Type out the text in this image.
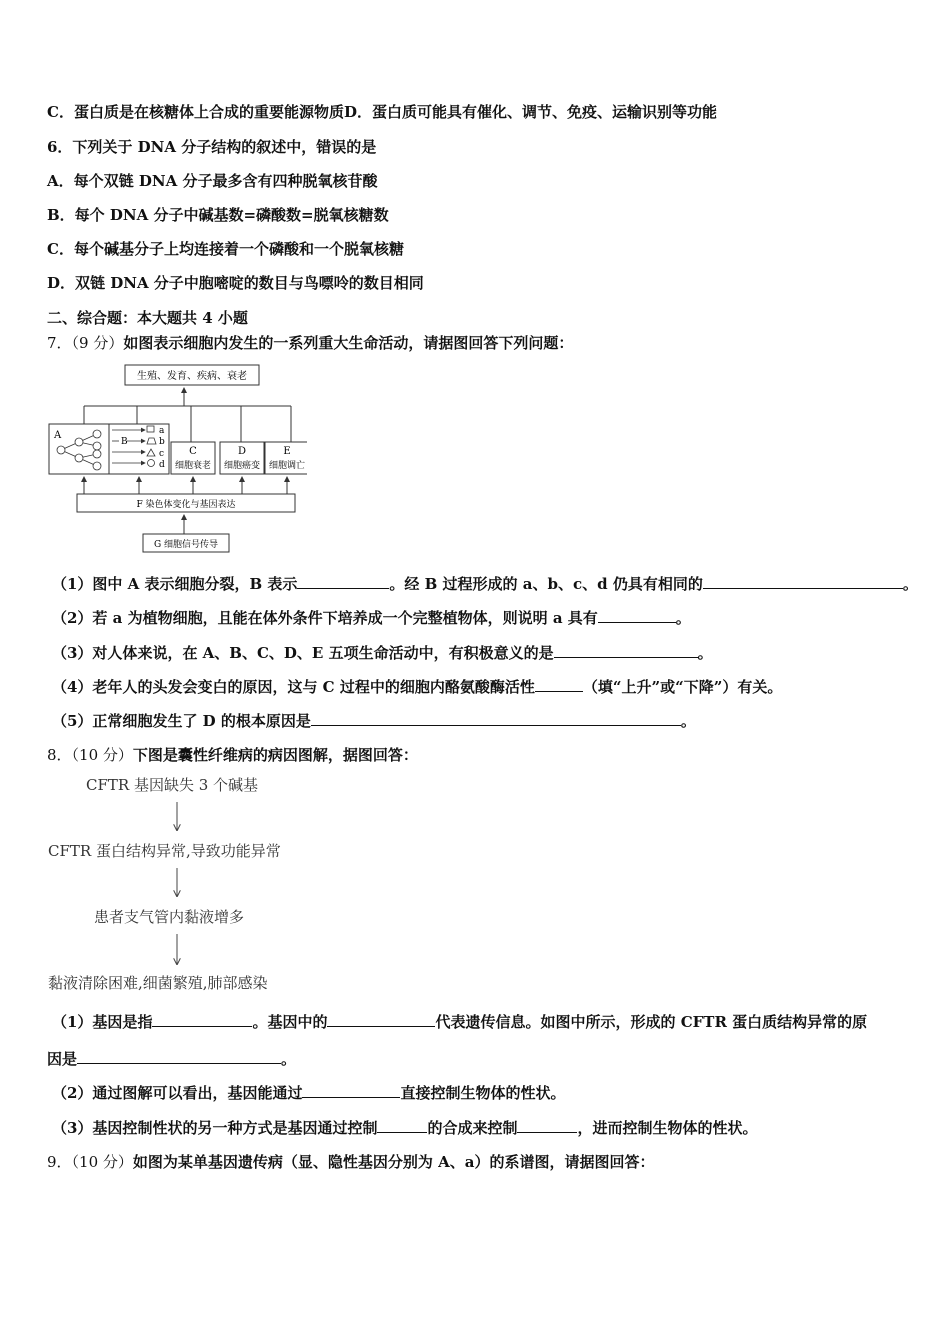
C．蛋白质是在核糖体上合成的重要能源物质D．蛋白质可能具有催化、调节、免疫、运输识别等功能
6．下列关于 DNA 分子结构的叙述中，错误的是
A．每个双链 DNA 分子最多含有四种脱氧核苷酸
B．每个 DNA 分子中碱基数=磷酸数=脱氧核糖数
C．每个碱基分子上均连接着一个磷酸和一个脱氧核糖
D．双链 DNA 分子中胞嘧啶的数目与鸟嘌呤的数目相同
二、综合题：本大题共 4 小题
7．（9 分）如图表示细胞内发生的一系列重大生命活动，请据图回答下列问题：
生殖、发育、疾病、衰老
A
B
a
b
c
d
C
细胞衰老
D
细胞癌变
E
细胞调亡
F 染色体变化与基因表达
G 细胞信号传导
（1）图中 A 表示细胞分裂，B 表示	。经 B 过程形成的 a、b、c、d 仍具有相同的	。
（2）若 a 为植物细胞，且能在体外条件下培养成一个完整植物体，则说明 a 具有	。
（3）对人体来说，在 A、B、C、D、E 五项生命活动中，有积极意义的是	。
（4）老年人的头发会变白的原因，这与 C 过程中的细胞内酪氨酸酶活性	（填“上升”或“下降”）有关。
（5）正常细胞发生了 D 的根本原因是	。
8．（10 分）下图是囊性纤维病的病因图解，据图回答：
CFTR 基因缺失 3 个碱基
CFTR 蛋白结构异常,导致功能异常
患者支气管内黏液增多
黏液清除困难,细菌繁殖,肺部感染
（1）基因是指	。基因中的	代表遗传信息。如图中所示，形成的 CFTR 蛋白质结构异常的原
因是	。
（2）通过图解可以看出，基因能通过	直接控制生物体的性状。
（3）基因控制性状的另一种方式是基因通过控制	的合成来控制	，进而控制生物体的性状。
9．（10 分）如图为某单基因遗传病（显、隐性基因分别为 A、a）的系谱图，请据图回答：
